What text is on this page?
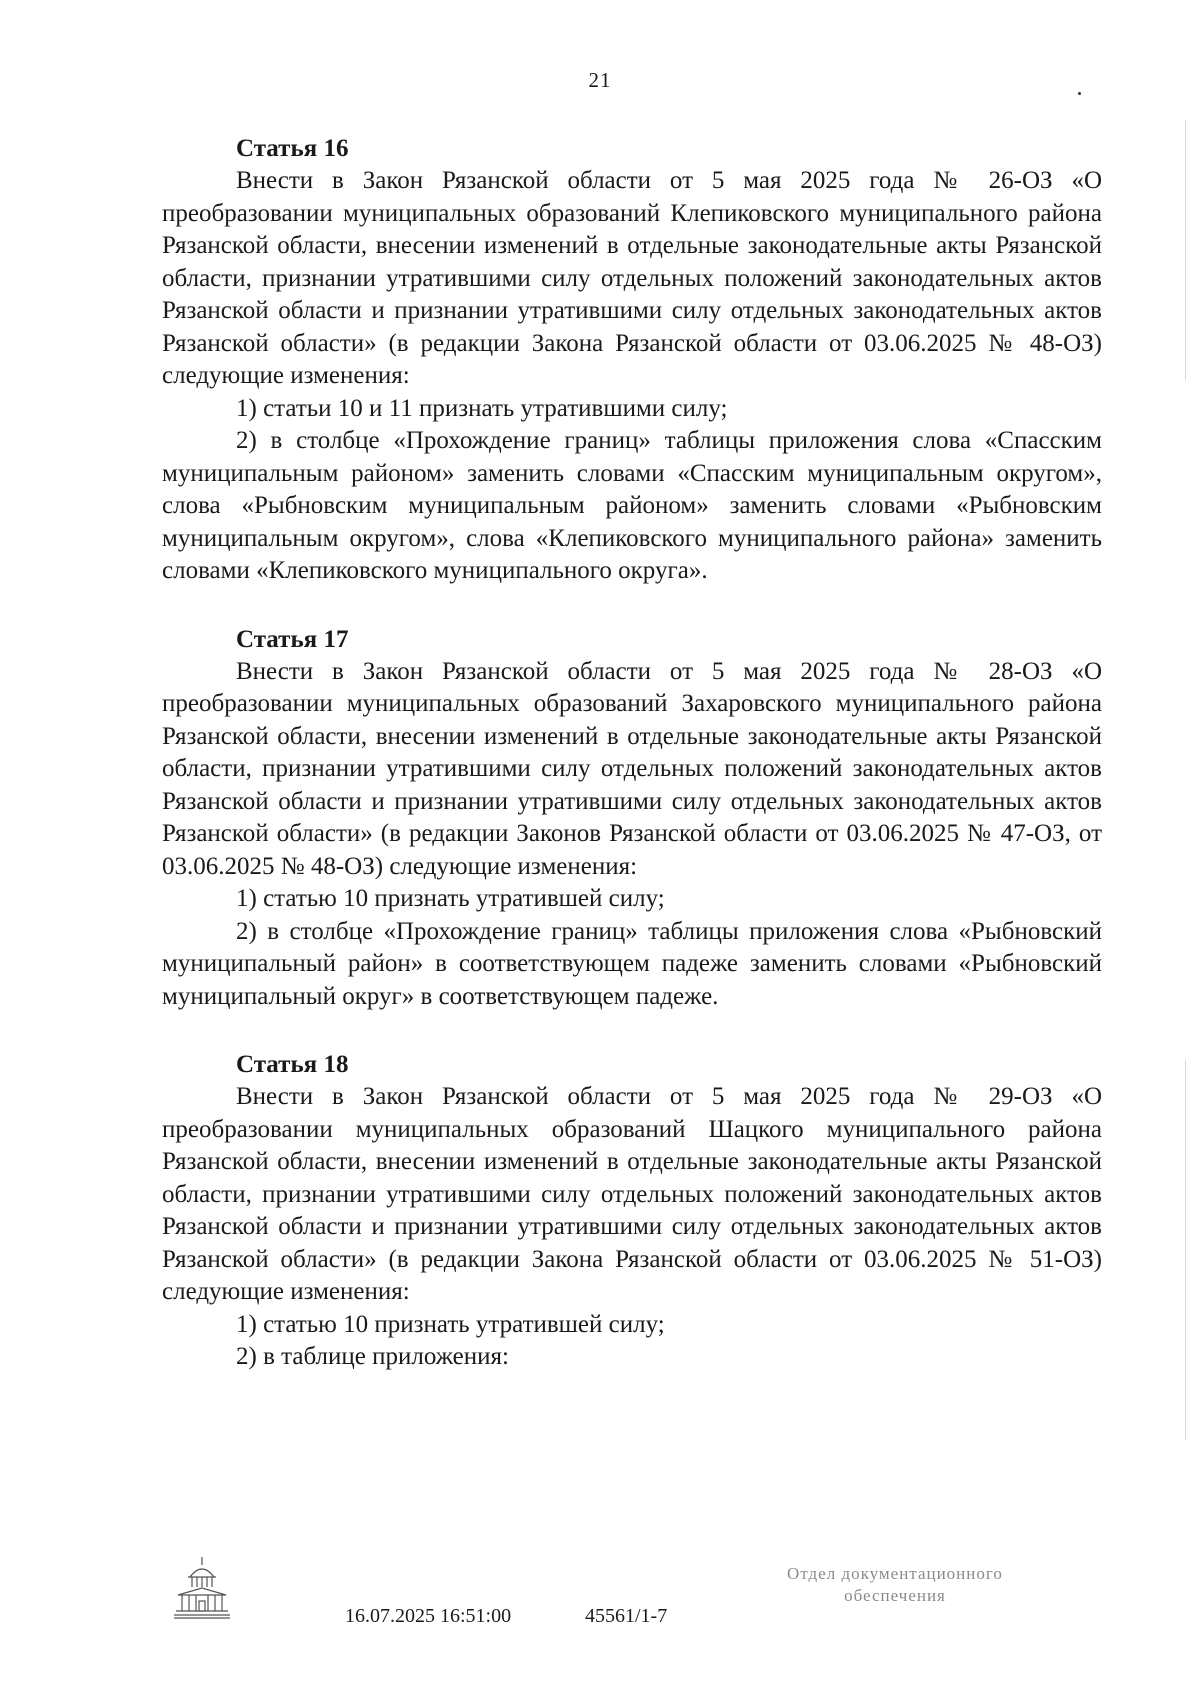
21

Статья 16

Внести в Закон Рязанской области от 5 мая 2025 года № 26-ОЗ «О преобразовании муниципальных образований Клепиковского муниципального района Рязанской области, внесении изменений в отдельные законодательные акты Рязанской области, признании утратившими силу отдельных положений законодательных актов Рязанской области и признании утратившими силу отдельных законодательных актов Рязанской области» (в редакции Закона Рязанской области от 03.06.2025 № 48-ОЗ) следующие изменения:

1) статьи 10 и 11 признать утратившими силу;

2) в столбце «Прохождение границ» таблицы приложения слова «Спасским муниципальным районом» заменить словами «Спасским муниципальным округом», слова «Рыбновским муниципальным районом» заменить словами «Рыбновским муниципальным округом», слова «Клепиковского муниципального района» заменить словами «Клепиковского муниципального округа».

Статья 17

Внести в Закон Рязанской области от 5 мая 2025 года № 28-ОЗ «О преобразовании муниципальных образований Захаровского муниципального района Рязанской области, внесении изменений в отдельные законодательные акты Рязанской области, признании утратившими силу отдельных положений законодательных актов Рязанской области и признании утратившими силу отдельных законодательных актов Рязанской области» (в редакции Законов Рязанской области от 03.06.2025 № 47-ОЗ, от 03.06.2025 № 48-ОЗ) следующие изменения:

1) статью 10 признать утратившей силу;

2) в столбце «Прохождение границ» таблицы приложения слова «Рыбновский муниципальный район» в соответствующем падеже заменить словами «Рыбновский муниципальный округ» в соответствующем падеже.

Статья 18

Внести в Закон Рязанской области от 5 мая 2025 года № 29-ОЗ «О преобразовании муниципальных образований Шацкого муниципального района Рязанской области, внесении изменений в отдельные законодательные акты Рязанской области, признании утратившими силу отдельных положений законодательных актов Рязанской области и признании утратившими силу отдельных законодательных актов Рязанской области» (в редакции Закона Рязанской области от 03.06.2025 № 51-ОЗ) следующие изменения:

1) статью 10 признать утратившей силу;

2) в таблице приложения:

16.07.2025 16:51:00	45561/1-7
Отдел документационного
обеспечения
